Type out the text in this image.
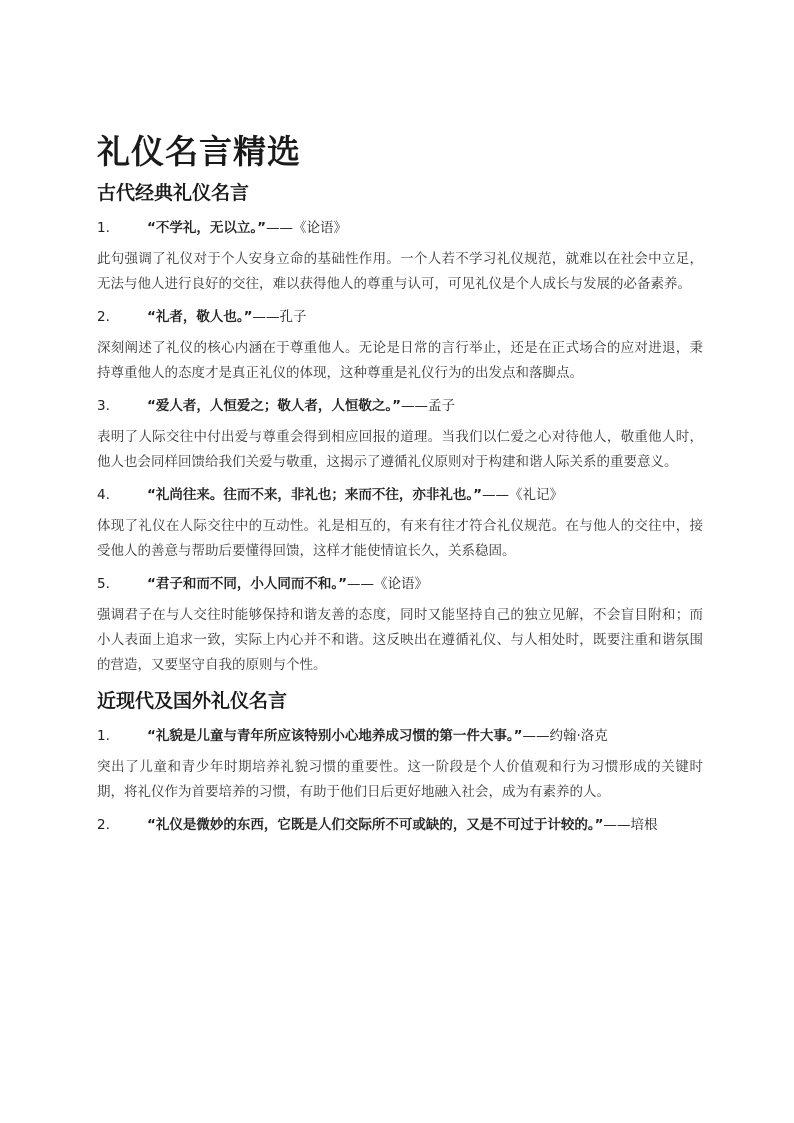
礼仪名言精选
古代经典礼仪名言
1.	“不学礼，无以立。”——《论语》

此句强调了礼仪对于个人安身立命的基础性作用。一个人若不学习礼仪规范，就难以在社会中立足，无法与他人进行良好的交往，难以获得他人的尊重与认可，可见礼仪是个人成长与发展的必备素养。

2.	“礼者，敬人也。”——孔子

深刻阐述了礼仪的核心内涵在于尊重他人。无论是日常的言行举止，还是在正式场合的应对进退，秉持尊重他人的态度才是真正礼仪的体现，这种尊重是礼仪行为的出发点和落脚点。

3.	“爱人者，人恒爱之；敬人者，人恒敬之。”——孟子

表明了人际交往中付出爱与尊重会得到相应回报的道理。当我们以仁爱之心对待他人，敬重他人时，他人也会同样回馈给我们关爱与敬重，这揭示了遵循礼仪原则对于构建和谐人际关系的重要意义。

4.	“礼尚往来。往而不来，非礼也；来而不往，亦非礼也。”——《礼记》

体现了礼仪在人际交往中的互动性。礼是相互的，有来有往才符合礼仪规范。在与他人的交往中，接受他人的善意与帮助后要懂得回馈，这样才能使情谊长久，关系稳固。

5.	“君子和而不同，小人同而不和。”——《论语》

强调君子在与人交往时能够保持和谐友善的态度，同时又能坚持自己的独立见解，不会盲目附和；而小人表面上追求一致，实际上内心并不和谐。这反映出在遵循礼仪、与人相处时，既要注重和谐氛围的营造，又要坚守自我的原则与个性。

近现代及国外礼仪名言
1.	“礼貌是儿童与青年所应该特别小心地养成习惯的第一件大事。”——约翰·洛克

突出了儿童和青少年时期培养礼貌习惯的重要性。这一阶段是个人价值观和行为习惯形成的关键时期，将礼仪作为首要培养的习惯，有助于他们日后更好地融入社会，成为有素养的人。

2.	“礼仪是微妙的东西，它既是人们交际所不可或缺的，又是不可过于计较的。”——培根
